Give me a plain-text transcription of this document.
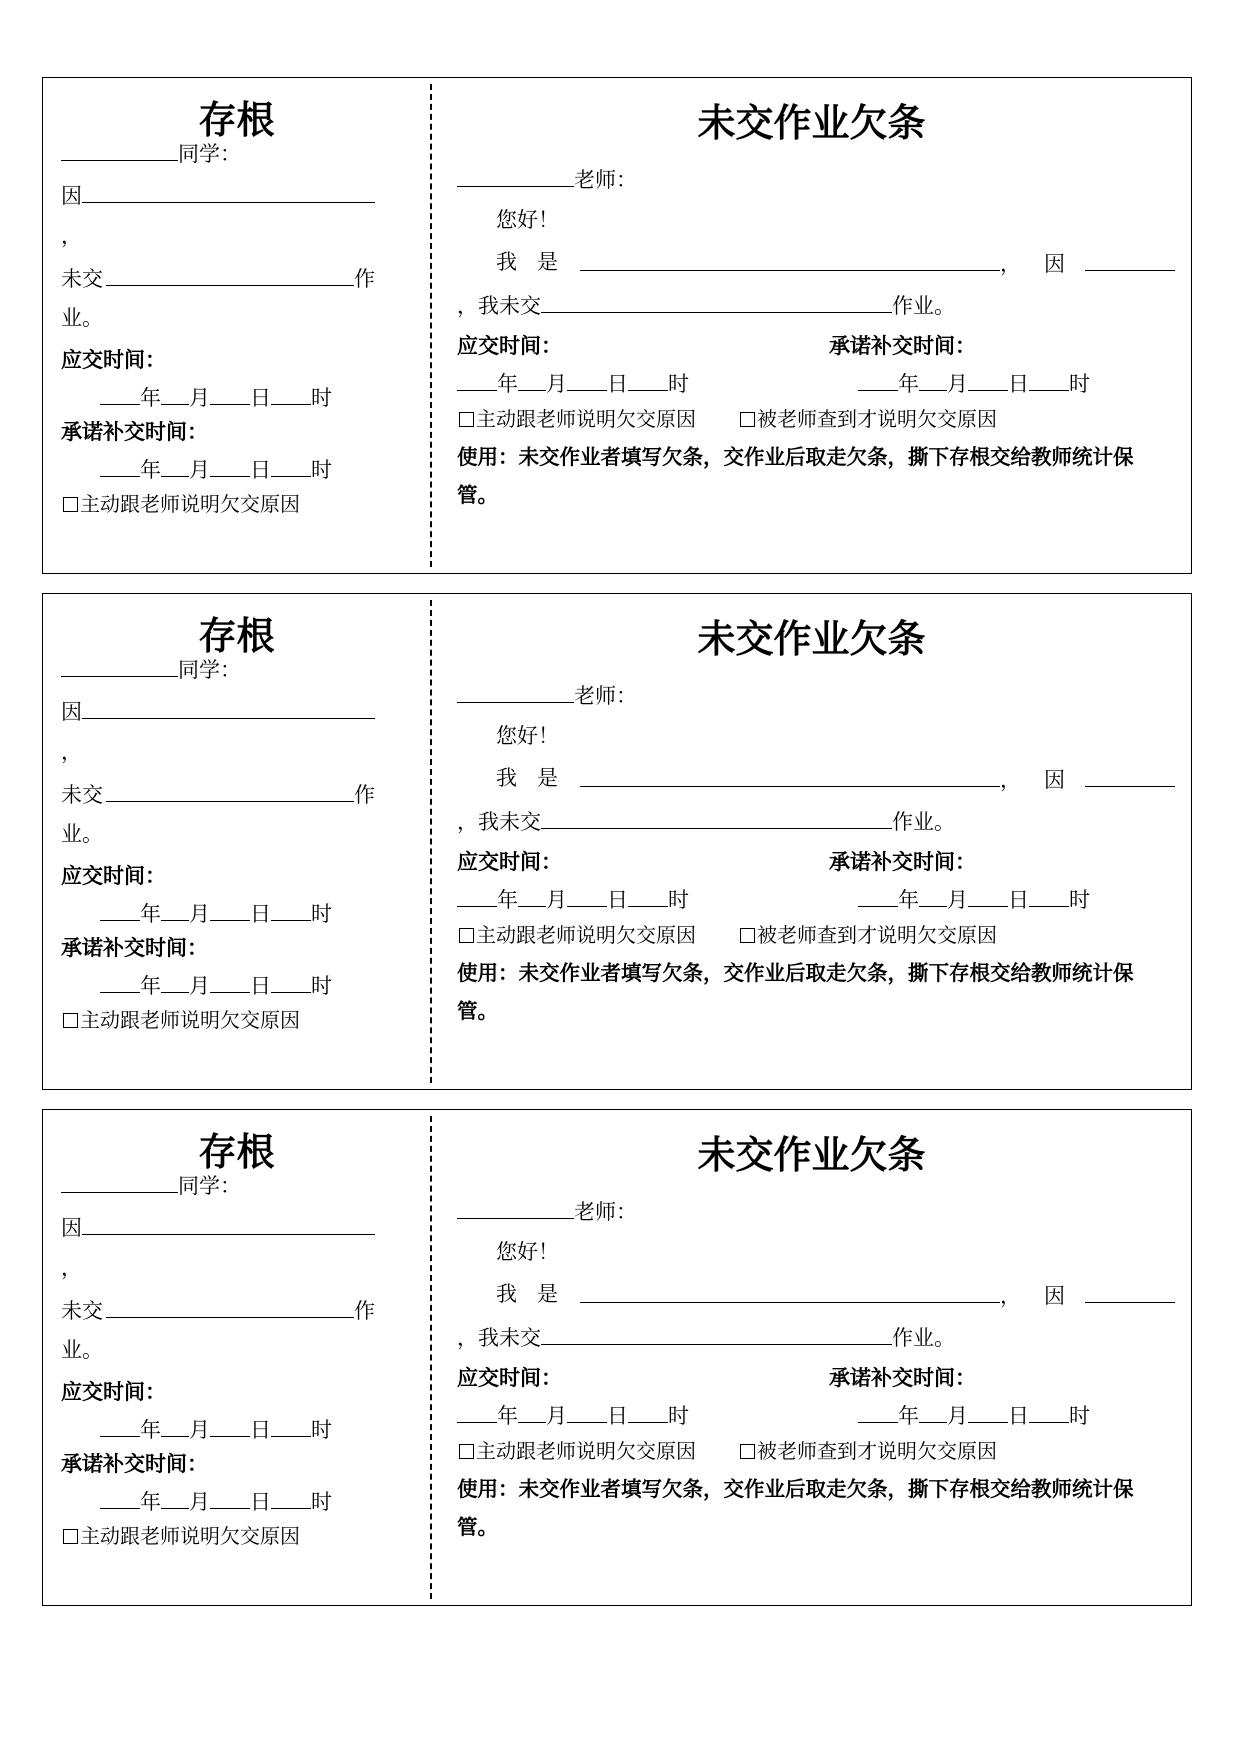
存根
同学：
因
，
未交	作
业。
应交时间：
年 月 日 时
承诺补交时间：
年 月 日 时
主动跟老师说明欠交原因
未交作业欠条
老师：
您好！
我 是	， 因
，我未交	作业。
应交时间：	承诺补交时间：
年 月 日 时	年 月 日 时
主动跟老师说明欠交原因	被老师查到才说明欠交原因
使用：未交作业者填写欠条，交作业后取走欠条，撕下存根交给教师统计保
管。
存根
同学：
因
，
未交	作
业。
应交时间：
年 月 日 时
承诺补交时间：
年 月 日 时
主动跟老师说明欠交原因
未交作业欠条
老师：
您好！
我 是	， 因
，我未交	作业。
应交时间：	承诺补交时间：
年 月 日 时	年 月 日 时
主动跟老师说明欠交原因	被老师查到才说明欠交原因
使用：未交作业者填写欠条，交作业后取走欠条，撕下存根交给教师统计保
管。
存根
同学：
因
，
未交	作
业。
应交时间：
年 月 日 时
承诺补交时间：
年 月 日 时
主动跟老师说明欠交原因
未交作业欠条
老师：
您好！
我 是	， 因
，我未交	作业。
应交时间：	承诺补交时间：
年 月 日 时	年 月 日 时
主动跟老师说明欠交原因	被老师查到才说明欠交原因
使用：未交作业者填写欠条，交作业后取走欠条，撕下存根交给教师统计保
管。
